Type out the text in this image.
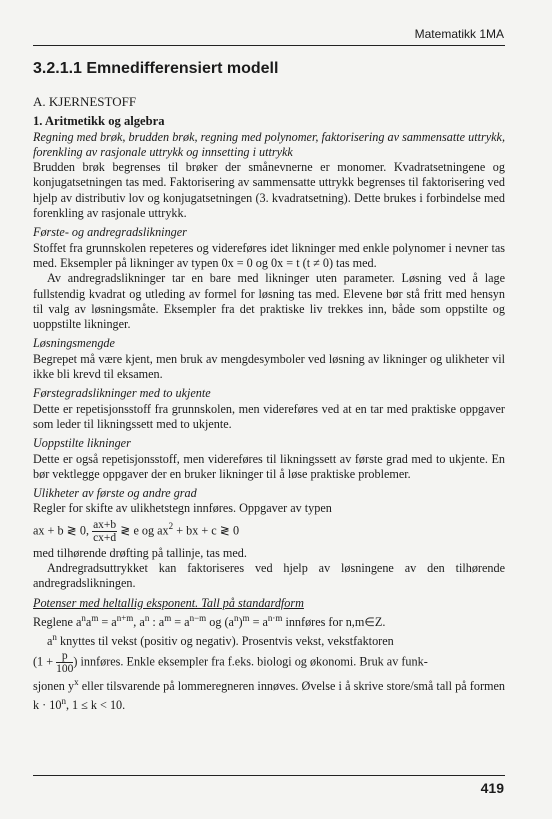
Matematikk 1MA
3.2.1.1 Emnedifferensiert modell

A. KJERNESTOFF

1. Aritmetikk og algebra

Regning med brøk, brudden brøk, regning med polynomer, faktorisering av sammensatte uttrykk, forenkling av rasjonale uttrykk og innsetting i uttrykk

Brudden brøk begrenses til brøker der smånevnerne er monomer. Kvadratsetningene og konjugatsetningen tas med. Faktorisering av sammensatte uttrykk begrenses til faktorisering ved hjelp av distributiv lov og konjugatsetningen (3. kvadratsetning). Dette brukes i forbindelse med forenkling av rasjonale uttrykk.

Første- og andregradslikninger

Stoffet fra grunnskolen repeteres og videreføres idet likninger med enkle polynomer i nevner tas med. Eksempler på likninger av typen 0x = 0 og 0x = t (t ≠ 0) tas med.

Av andregradslikninger tar en bare med likninger uten parameter. Løsning ved å lage fullstendig kvadrat og utleding av formel for løsning tas med. Elevene bør stå fritt med hensyn til valg av løsningsmåte. Eksempler fra det praktiske liv trekkes inn, både som oppstilte og uoppstilte likninger.

Løsningsmengde

Begrepet må være kjent, men bruk av mengdesymboler ved løsning av likninger og ulikheter vil ikke bli krevd til eksamen.

Førstegradslikninger med to ukjente

Dette er repetisjonsstoff fra grunnskolen, men videreføres ved at en tar med praktiske oppgaver som leder til likningssett med to ukjente.

Uoppstilte likninger

Dette er også repetisjonsstoff, men videreføres til likningssett av første grad med to ukjente. En bør vektlegge oppgaver der en bruker likninger til å løse praktiske problemer.

Ulikheter av første og andre grad

Regler for skifte av ulikhetstegn innføres. Oppgaver av typen

ax + b ≷ 0, $\frac{ax+b}{cx+d}$ ≷ e og $ax^2$ + bx + c ≷ 0

med tilhørende drøfting på tallinje, tas med.

Andregradsuttrykket kan faktoriseres ved hjelp av løsningene av den tilhørende andregradslikningen.

Potenser med heltallig eksponent. Tall på standardform

Reglene $a^na^m = a^{n+m}$, $a^n$ : $a^m = a^{n-m}$ og $(a^n)^m = a^{n\cdot m}$ innføres for n,m∈Z.

$a^n$ knyttes til vekst (positiv og negativ). Prosentvis vekst, vekstfaktoren

($1 + \frac{p}{100}$ ) innføres. Enkle eksempler fra f.eks. biologi og økonomi. Bruk av funk-

sjonen $y^x$ eller tilsvarende på lommeregneren innøves. Øvelse i å skrive store/små tall på formen $k \cdot 10^n$, 1 ≤ k < 10.

419
